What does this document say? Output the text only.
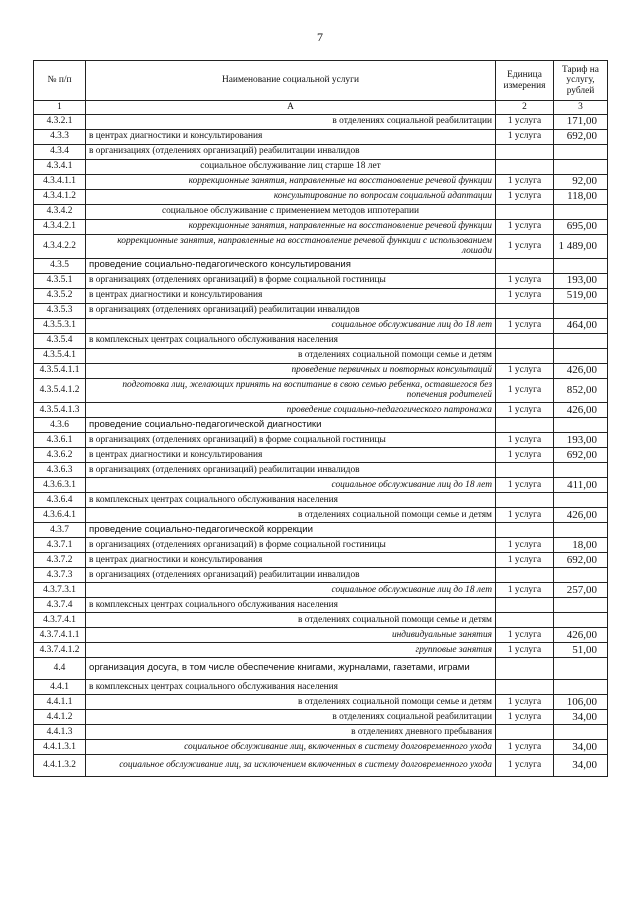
7
№ п/п	Наименование социальной услуги	Единица измерения	Тариф на услугу, рублей
1	А	2	3
4.3.2.1	в отделениях социальной реабилитации	1 услуга	171,00
4.3.3	в центрах диагностики и консультирования	1 услуга	692,00
4.3.4	в организациях (отделениях организаций) реабилитации инвалидов		
4.3.4.1	социальное обслуживание лиц старше 18 лет		
4.3.4.1.1	коррекционные занятия, направленные на восстановление речевой функции	1 услуга	92,00
4.3.4.1.2	консультирование по вопросам социальной адаптации	1 услуга	118,00
4.3.4.2	социальное обслуживание с применением методов иппотерапии		
4.3.4.2.1	коррекционные занятия, направленные на восстановление речевой функции	1 услуга	695,00
4.3.4.2.2	коррекционные занятия, направленные на восстановление речевой функции с использованием лошади	1 услуга	1 489,00
4.3.5	проведение социально-педагогического консультирования		
4.3.5.1	в организациях (отделениях организаций) в форме социальной гостиницы	1 услуга	193,00
4.3.5.2	в центрах диагностики и консультирования	1 услуга	519,00
4.3.5.3	в организациях (отделениях организаций) реабилитации инвалидов		
4.3.5.3.1	социальное обслуживание лиц до 18 лет	1 услуга	464,00
4.3.5.4	в комплексных центрах социального обслуживания населения		
4.3.5.4.1	в отделениях социальной помощи семье и детям		
4.3.5.4.1.1	проведение первичных и повторных консультаций	1 услуга	426,00
4.3.5.4.1.2	подготовка лиц, желающих принять на воспитание в свою семью ребенка, оставшегося без попечения родителей	1 услуга	852,00
4.3.5.4.1.3	проведение социально-педагогического патронажа	1 услуга	426,00
4.3.6	проведение социально-педагогической диагностики		
4.3.6.1	в организациях (отделениях организаций) в форме социальной гостиницы	1 услуга	193,00
4.3.6.2	в центрах диагностики и консультирования	1 услуга	692,00
4.3.6.3	в организациях (отделениях организаций) реабилитации инвалидов		
4.3.6.3.1	социальное обслуживание лиц до 18 лет	1 услуга	411,00
4.3.6.4	в комплексных центрах социального обслуживания населения		
4.3.6.4.1	в отделениях социальной помощи семье и детям	1 услуга	426,00
4.3.7	проведение социально-педагогической коррекции		
4.3.7.1	в организациях (отделениях организаций) в форме социальной гостиницы	1 услуга	18,00
4.3.7.2	в центрах диагностики и консультирования	1 услуга	692,00
4.3.7.3	в организациях (отделениях организаций) реабилитации инвалидов		
4.3.7.3.1	социальное обслуживание лиц до 18 лет	1 услуга	257,00
4.3.7.4	в комплексных центрах социального обслуживания населения		
4.3.7.4.1	в отделениях социальной помощи семье и детям		
4.3.7.4.1.1	индивидуальные занятия	1 услуга	426,00
4.3.7.4.1.2	групповые занятия	1 услуга	51,00
4.4	организация досуга, в том числе обеспечение книгами, журналами, газетами, играми		
4.4.1	в комплексных центрах социального обслуживания населения		
4.4.1.1	в отделениях социальной помощи семье и детям	1 услуга	106,00
4.4.1.2	в отделениях социальной реабилитации	1 услуга	34,00
4.4.1.3	в отделениях дневного пребывания		
4.4.1.3.1	социальное обслуживание лиц, включенных в систему долговременного ухода	1 услуга	34,00
4.4.1.3.2	социальное обслуживание лиц, за исключением включенных в систему долговременного ухода	1 услуга	34,00
